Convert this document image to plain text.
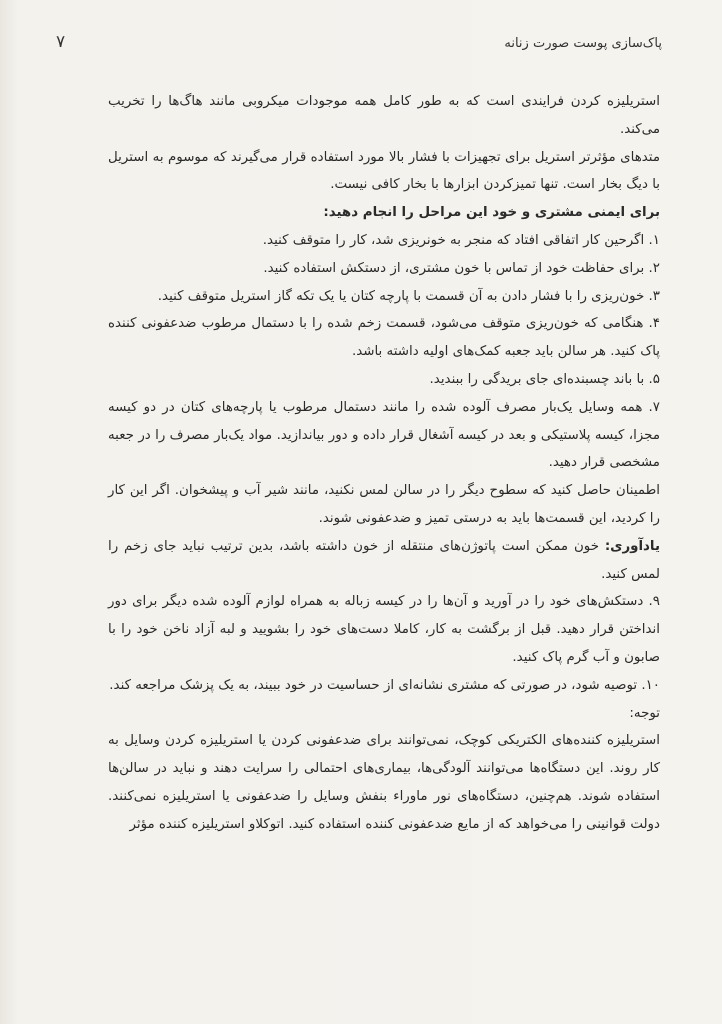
پاک‌سازی پوست صورت زنانه
۷

استریلیزه کردن فرایندی است که به طور کامل همه موجودات میکروبی مانند هاگ‌ها را تخریب می‌کند.

متدهای مؤثرتر استریل برای تجهیزات با فشار بالا مورد استفاده قرار می‌گیرند که موسوم به استریل با دیگ بخار است. تنها تمیزکردن ابزارها با بخار کافی نیست.

برای ایمنی مشتری و خود این مراحل را انجام دهید:

۱. اگرحین کار اتفاقی افتاد که منجر به خونریزی شد، کار را متوقف کنید.

۲. برای حفاظت خود از تماس با خون مشتری، از دستکش استفاده کنید.

۳. خون‌ریزی را با فشار دادن به آن قسمت با پارچه کتان یا یک تکه گاز استریل متوقف کنید.

۴. هنگامی که خون‌ریزی متوقف می‌شود، قسمت زخم شده را با دستمال مرطوب ضدعفونی کننده پاک کنید. هر سالن باید جعبه کمک‌های اولیه داشته باشد.

۵. با باند چسبنده‌ای جای بریدگی را ببندید.

۷. همه وسایل یک‌بار مصرف آلوده شده را مانند دستمال مرطوب یا پارچه‌های کتان در دو کیسه مجزا، کیسه پلاستیکی و بعد در کیسه آشغال قرار داده و دور بیاندازید. مواد یک‌بار مصرف را در جعبه مشخصی قرار دهید.

اطمینان حاصل کنید که سطوح دیگر را در سالن لمس نکنید، مانند شیر آب و پیشخوان. اگر این کار را کردید، این قسمت‌ها باید به درستی تمیز و ضدعفونی شوند.

یادآوری: خون ممکن است پاتوژن‌های منتقله از خون داشته باشد، بدین ترتیب نباید جای زخم را لمس کنید.

۹. دستکش‌های خود را در آورید و آن‌ها را در کیسه زباله به همراه لوازم آلوده شده دیگر برای دور انداختن قرار دهید. قبل از برگشت به کار، کاملا دست‌های خود را بشویید و لبه آزاد ناخن خود را با صابون و آب گرم پاک کنید.

۱۰. توصیه شود، در صورتی که مشتری نشانه‌ای از حساسیت در خود ببیند، به یک پزشک مراجعه کند.

توجه:

استریلیزه کننده‌های الکتریکی کوچک، نمی‌توانند برای ضدعفونی کردن یا استریلیزه کردن وسایل به کار روند. این دستگاه‌ها می‌توانند آلودگی‌ها، بیماری‌های احتمالی را سرایت دهند و نباید در سالن‌ها استفاده شوند. هم‌چنین، دستگاه‌های نور ماوراء بنفش وسایل را ضدعفونی یا استریلیزه نمی‌کنند. دولت قوانینی را می‌خواهد که از مایع ضدعفونی کننده استفاده کنید. اتوکلاو استریلیزه کننده مؤثر
